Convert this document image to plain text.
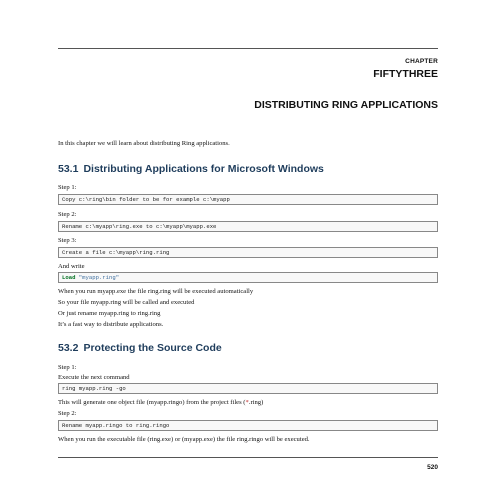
CHAPTER
FIFTYTHREE
DISTRIBUTING RING APPLICATIONS
In this chapter we will learn about distributing Ring applications.
53.1 Distributing Applications for Microsoft Windows
Step 1:
Copy c:\ring\bin folder to be for example c:\myapp
Step 2:
Rename c:\myapp\ring.exe to c:\myapp\myapp.exe
Step 3:
Create a file c:\myapp\ring.ring
And write
Load "myapp.ring"
When you run myapp.exe the file ring.ring will be executed automatically
So your file myapp.ring will be called and executed
Or just rename myapp.ring to ring.ring
It’s a fast way to distribute applications.
53.2 Protecting the Source Code
Step 1:
Execute the next command
ring myapp.ring -go
This will generate one object file (myapp.ringo) from the project files (*.ring)
Step 2:
Rename myapp.ringo to ring.ringo
When you run the executable file (ring.exe) or (myapp.exe) the file ring.ringo will be executed.
520
